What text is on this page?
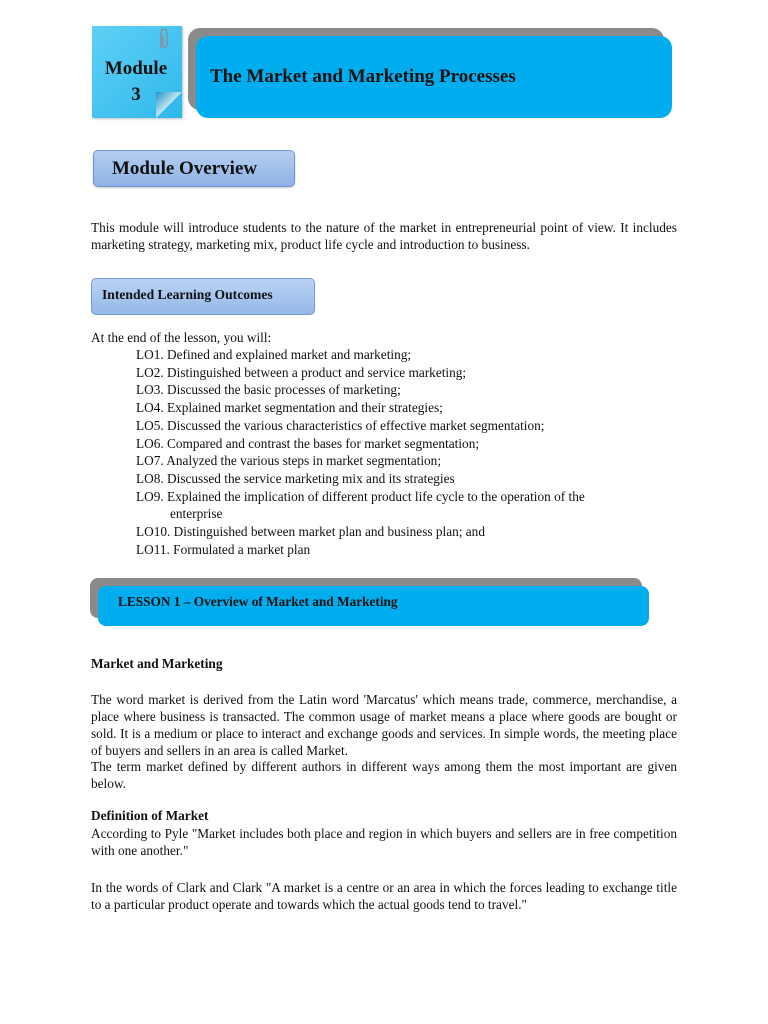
Module
3
The Market and Marketing Processes
Module Overview
This module will introduce students to the nature of the market in entrepreneurial point of view. It includes marketing strategy, marketing mix, product life cycle and introduction to business.
Intended Learning Outcomes
At the end of the lesson, you will:
LO1. Defined and explained market and marketing;
LO2. Distinguished between a product and service marketing;
LO3. Discussed the basic processes of marketing;
LO4. Explained market segmentation and their strategies;
LO5. Discussed the various characteristics of effective market segmentation;
LO6. Compared and contrast the bases for market segmentation;
LO7. Analyzed the various steps in market segmentation;
LO8. Discussed the service marketing mix and its strategies
LO9. Explained the implication of different product life cycle to the operation of the
enterprise
LO10. Distinguished between market plan and business plan; and
LO11. Formulated a market plan
LESSON 1 – Overview of Market and Marketing
Market and Marketing
The word market is derived from the Latin word 'Marcatus' which means trade, commerce, merchandise, a place where business is transacted. The common usage of market means a place where goods are bought or sold. It is a medium or place to interact and exchange goods and services. In simple words, the meeting place of buyers and sellers in an area is called Market.
The term market defined by different authors in different ways among them the most important are given below.
Definition of Market
According to Pyle "Market includes both place and region in which buyers and sellers are in free competition with one another."
In the words of Clark and Clark "A market is a centre or an area in which the forces leading to exchange title to a particular product operate and towards which the actual goods tend to travel."
